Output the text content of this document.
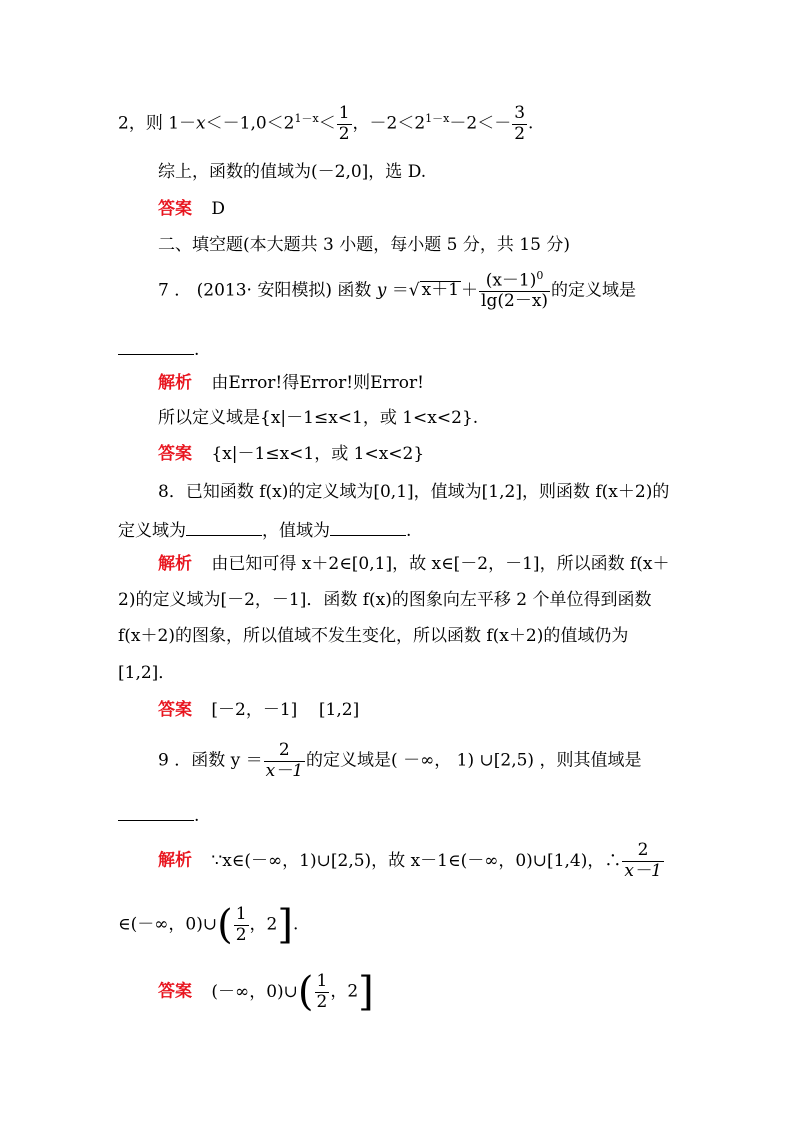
2，则 $1-x<-1,0<2^{1-x}< \frac{1}{2}$ ，$-2<2^{1-x}-2<- \frac{3}{2}$ .
综上，函数的值域为(－2,0]，选 D.
答案 D
二、填空题(本大题共 3 小题，每小题 5 分，共 15 分)
7 ． (2013· 安阳模拟) 函数 y ＝√ $x+1 + \frac{(x-1)^0}{\lg(2-x)}$ 的定义域是
.
解析 由Error!得Error!则Error!
所以定义域是{x|－1≤x<1，或 1<x<2}.
答案 {x|－1≤x<1，或 1<x<2}
8．已知函数 f(x)的定义域为[0,1]，值域为[1,2]，则函数 f(x＋2)的
定义域为	，值域为	.
解析 由已知可得 x＋2∈[0,1]，故 x∈[－2，－1]，所以函数 f(x＋
2)的定义域为[－2，－1]．函数 f(x)的图象向左平移 2 个单位得到函数
f(x＋2)的图象，所以值域不发生变化，所以函数 f(x＋2)的值域仍为
[1,2]．
答案 [－2，－1]    [1,2]
9 ．函数 $y = \frac{2}{x-1}$ 的定义域是( －∞， 1) ∪[2,5) ，则其值域是
.
解析 ∵x∈(－∞，1)∪[2,5)，故 x－1∈(－∞，0)∪[1,4)，∴ $\frac{2}{x-1}$
∈(－∞，0)∪( $\frac{1}{2}$ ，2].
答案 (－∞，0)∪( $\frac{1}{2}$ ，2]
